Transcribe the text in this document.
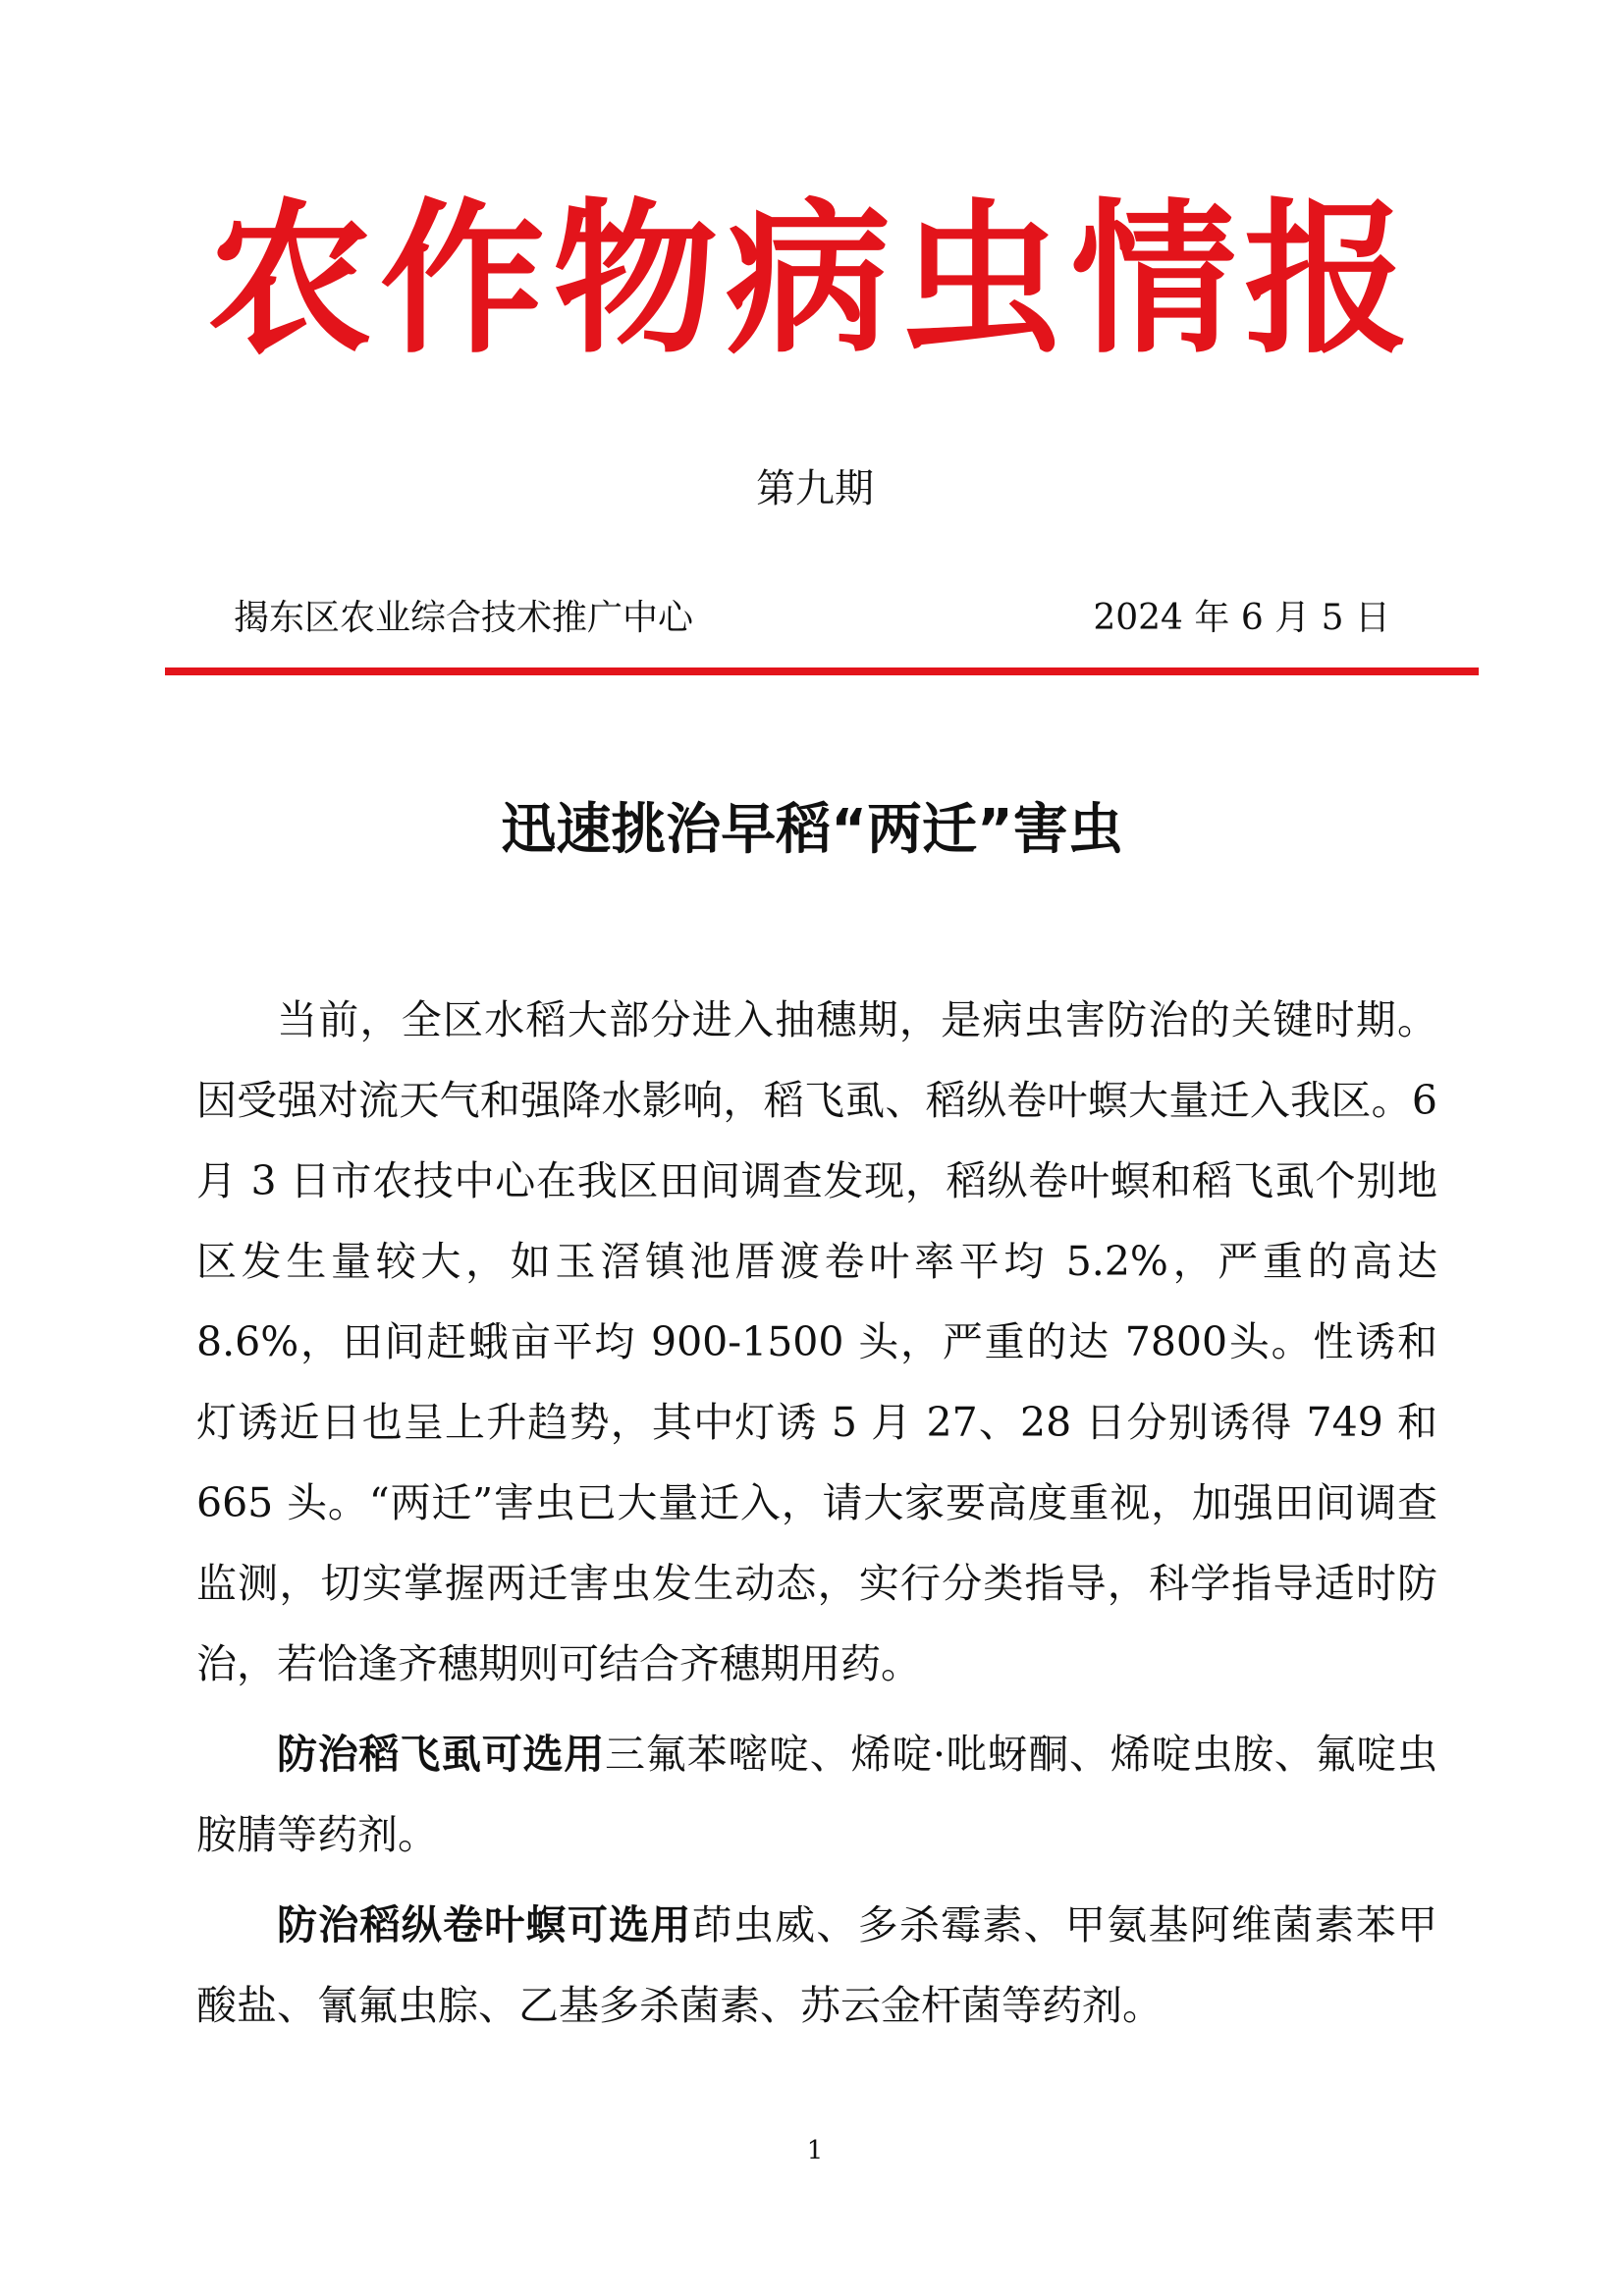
农作物病虫情报
第九期
揭东区农业综合技术推广中心	2024 年 6 月 5 日
迅速挑治早稻“两迁”害虫

当前，全区水稻大部分进入抽穗期，是病虫害防治的关键时期。因受强对流天气和强降水影响，稻飞虱、稻纵卷叶螟大量迁入我区。6 月 3 日市农技中心在我区田间调查发现，稻纵卷叶螟和稻飞虱个别地区发生量较大，如玉滘镇池厝渡卷叶率平均 5.2%，严重的高达 8.6%，田间赶蛾亩平均 900-1500 头，严重的达 7800头。性诱和灯诱近日也呈上升趋势，其中灯诱 5 月 27、28 日分别诱得 749 和 665 头。“两迁”害虫已大量迁入，请大家要高度重视，加强田间调查监测，切实掌握两迁害虫发生动态，实行分类指导，科学指导适时防治，若恰逢齐穗期则可结合齐穗期用药。

防治稻飞虱可选用三氟苯嘧啶、烯啶·吡蚜酮、烯啶虫胺、氟啶虫胺腈等药剂。

防治稻纵卷叶螟可选用茚虫威、多杀霉素、甲氨基阿维菌素苯甲酸盐、氰氟虫腙、乙基多杀菌素、苏云金杆菌等药剂。

1
